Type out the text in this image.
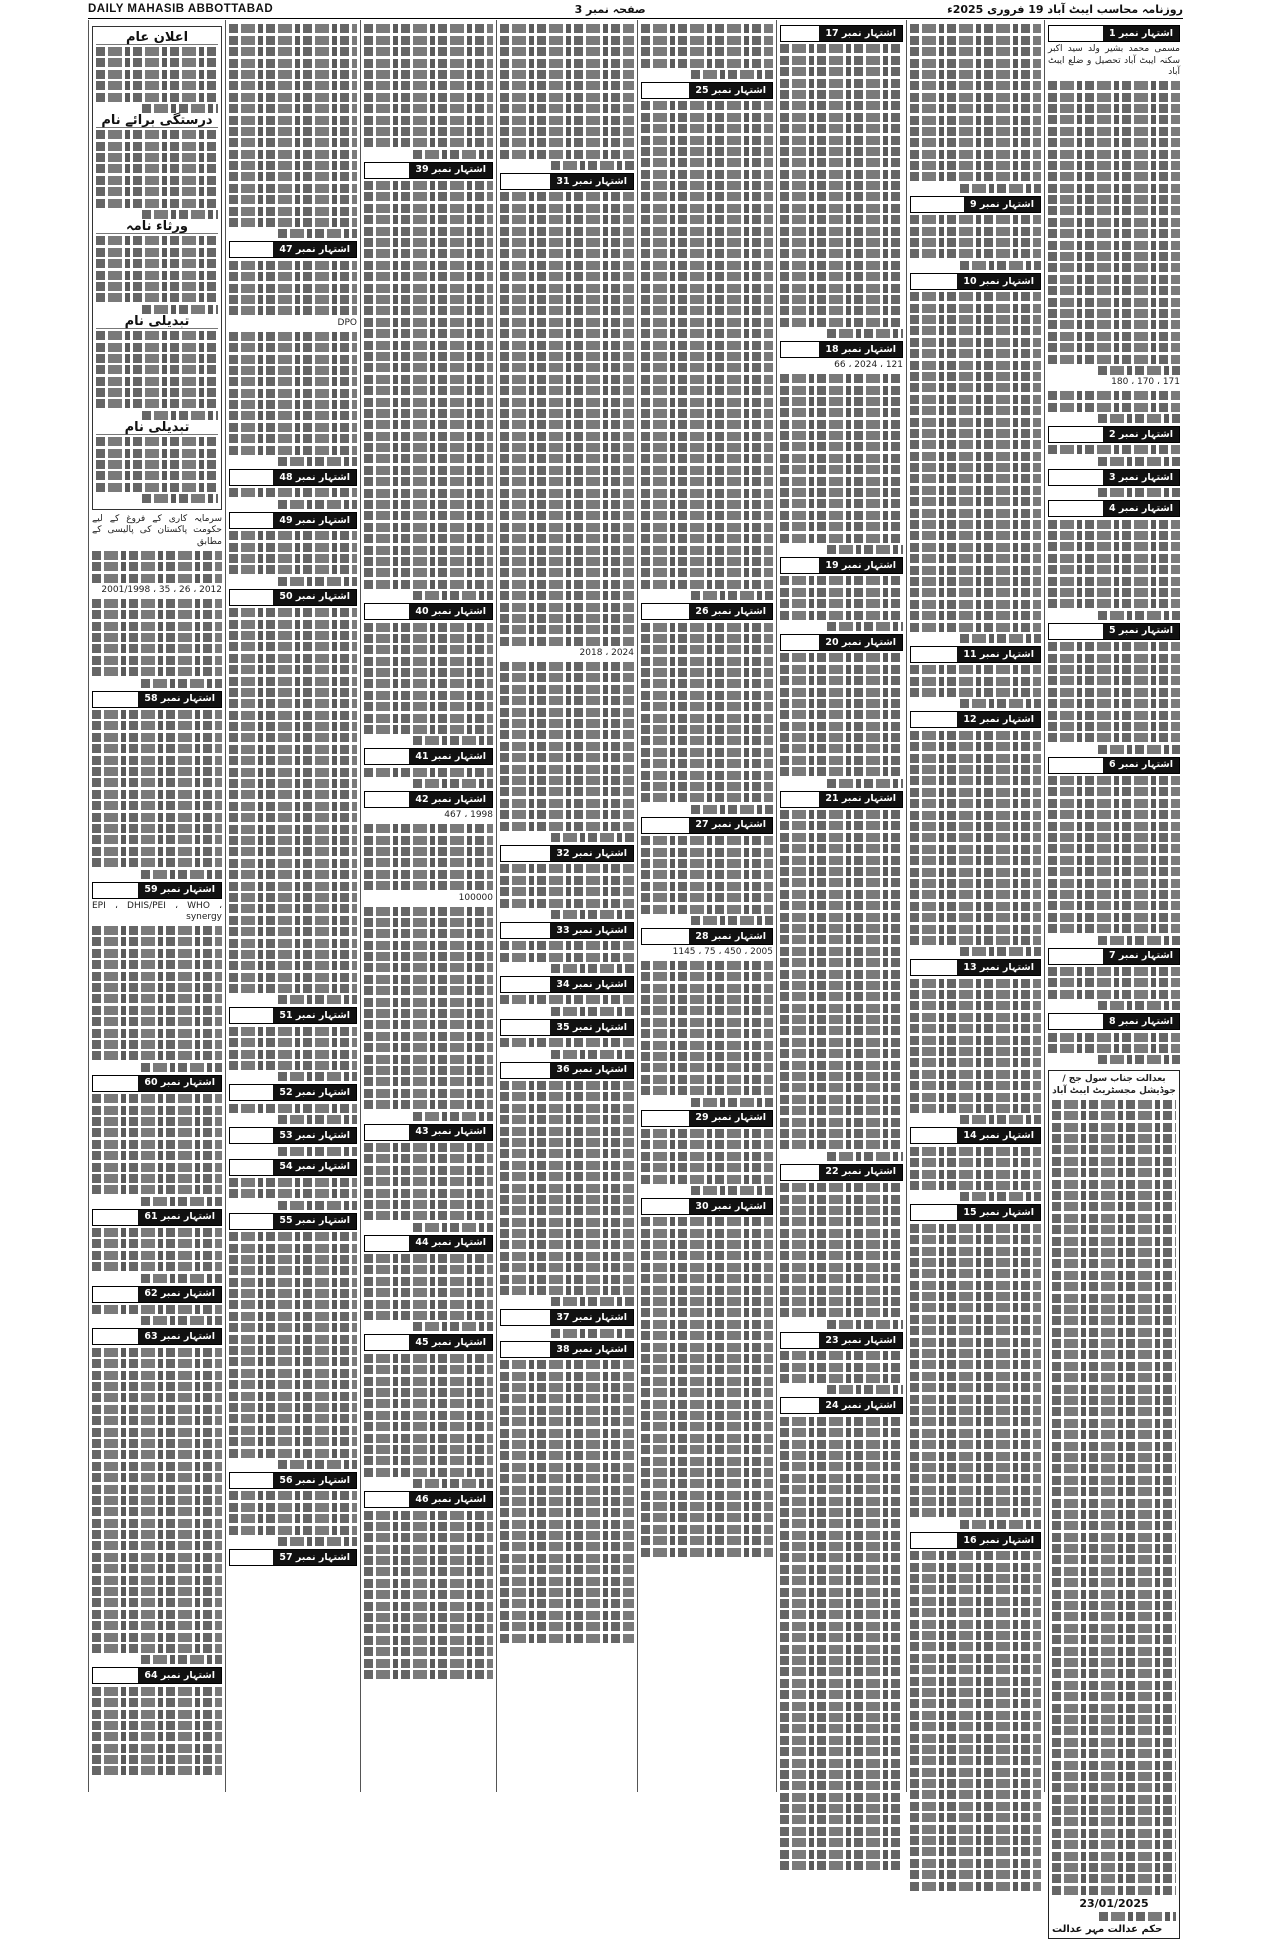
DAILY MAHASIB ABBOTTABAD	صفحہ نمبر 3	روزنامہ محاسب ایبٹ آباد 19 فروری 2025ء
اشتہار نمبر 1
مسمی محمد بشیر ولد سید اکبر سکنہ ایبٹ آباد تحصیل و ضلع ایبٹ آباد
171 ، 170 ، 180
اشتہار نمبر 2
اشتہار نمبر 3
اشتہار نمبر 4
اشتہار نمبر 5
اشتہار نمبر 6
اشتہار نمبر 7
اشتہار نمبر 8
بعدالت جناب سول جج / جوڈیشل مجسٹریٹ ایبٹ آباد
23/01/2025
حکم عدالت مہر عدالت
اشتہار نمبر 9
اشتہار نمبر 10
اشتہار نمبر 11
اشتہار نمبر 12
اشتہار نمبر 13
اشتہار نمبر 14
اشتہار نمبر 15
اشتہار نمبر 16
اشتہار نمبر 17
اشتہار نمبر 18
121 ، 2024 ، 66
اشتہار نمبر 19
اشتہار نمبر 20
اشتہار نمبر 21
اشتہار نمبر 22
اشتہار نمبر 23
اشتہار نمبر 24
اشتہار نمبر 25
اشتہار نمبر 26
اشتہار نمبر 27
اشتہار نمبر 28
2005 ، 450 ، 75 ، 1145
اشتہار نمبر 29
اشتہار نمبر 30
اشتہار نمبر 31
2024 ، 2018
اشتہار نمبر 32
اشتہار نمبر 33
اشتہار نمبر 34
اشتہار نمبر 35
اشتہار نمبر 36
اشتہار نمبر 37
اشتہار نمبر 38
اشتہار نمبر 39
اشتہار نمبر 40
اشتہار نمبر 41
اشتہار نمبر 42
1998 ، 467
100000
اشتہار نمبر 43
اشتہار نمبر 44
اشتہار نمبر 45
اشتہار نمبر 46
اشتہار نمبر 47
DPO
اشتہار نمبر 48
اشتہار نمبر 49
اشتہار نمبر 50
اشتہار نمبر 51
اشتہار نمبر 52
اشتہار نمبر 53
اشتہار نمبر 54
اشتہار نمبر 55
اشتہار نمبر 56
اشتہار نمبر 57
اعلان عام
درستگی برائے نام
ورثاء نامہ
تبدیلی نام
تبدیلی نام
سرمایہ کاری کے فروغ کے لیے حکومت پاکستان کی پالیسی کے مطابق
2012 ، 26 ، 35 ، 2001/1998
اشتہار نمبر 58
اشتہار نمبر 59
EPI ، DHIS/PEI ، WHO ، synergy
اشتہار نمبر 60
اشتہار نمبر 61
اشتہار نمبر 62
اشتہار نمبر 63
اشتہار نمبر 64
